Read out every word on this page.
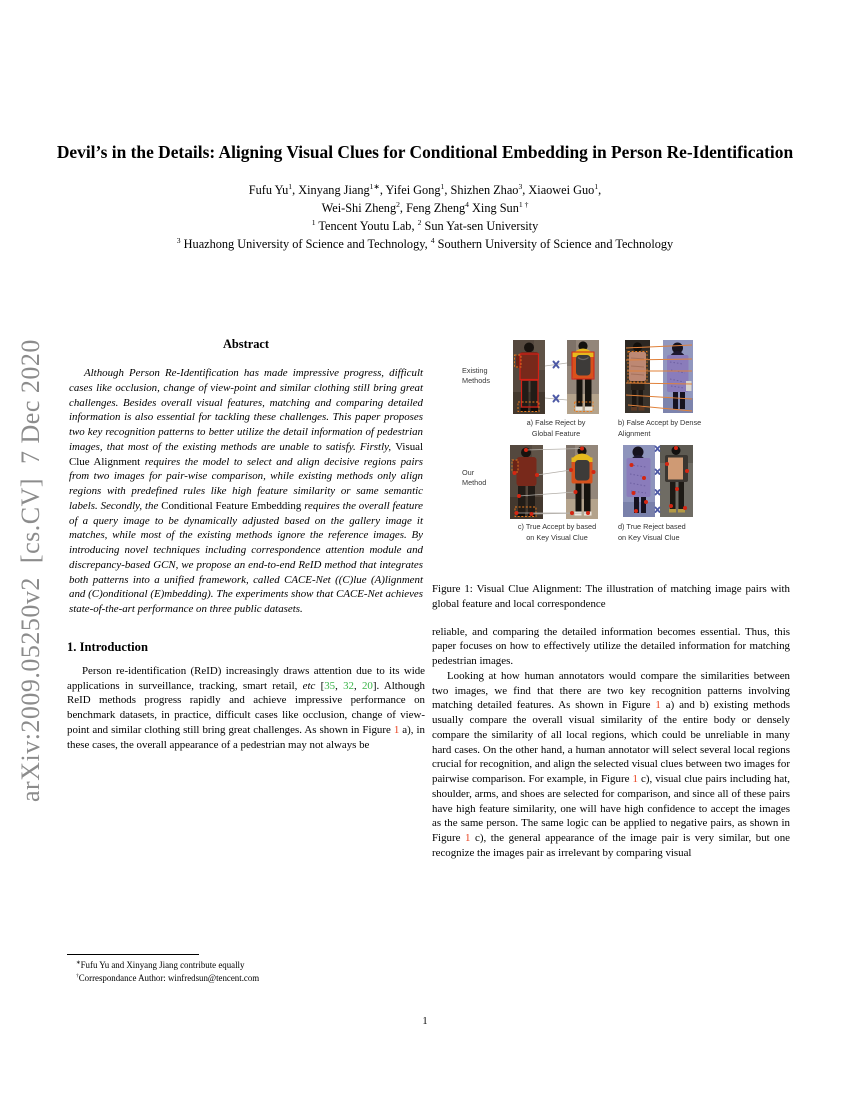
arXiv:2009.05250v2  [cs.CV]  7 Dec 2020
Devil’s in the Details: Aligning Visual Clues for Conditional Embedding in Person Re-Identification
Fufu Yu$^1$, Xinyang Jiang$^{1∗}$, Yifei Gong$^1$, Shizhen Zhao$^3$, Xiaowei Guo$^1$,
Wei-Shi Zheng$^2$, Feng Zheng$^4$ Xing Sun$^{1 \dagger}$
$^1$ Tencent Youtu Lab, $^2$ Sun Yat-sen University
$^3$ Huazhong University of Science and Technology, $^4$ Southern University of Science and Technology
Abstract

Although Person Re-Identification has made impressive progress, difficult cases like occlusion, change of view-point and similar clothing still bring great challenges. Besides overall visual features, matching and comparing detailed information is also essential for tackling these challenges. This paper proposes two key recognition patterns to better utilize the detail information of pedestrian images, that most of the existing methods are unable to satisfy. Firstly, Visual Clue Alignment requires the model to select and align decisive regions pairs from two images for pair-wise comparison, while existing methods only align regions with predefined rules like high feature similarity or same semantic labels. Secondly, the Conditional Feature Embedding requires the overall feature of a query image to be dynamically adjusted based on the gallery image it matches, while most of the existing methods ignore the reference images. By introducing novel techniques including correspondence attention module and discrepancy-based GCN, we propose an end-to-end ReID method that integrates both patterns into a unified framework, called CACE-Net ((C)lue (A)lignment and (C)onditional (E)mbedding). The experiments show that CACE-Net achieves state-of-the-art performance on three public datasets.

1. Introduction

Person re-identification (ReID) increasingly draws attention due to its wide applications in surveillance, tracking, smart retail, etc [35, 32, 20]. Although ReID methods progress rapidly and achieve impressive performance on benchmark datasets, in practice, difficult cases like occlusion, change of view-point and similar clothing still bring great challenges. As shown in Figure 1 a), in these cases, the overall appearance of a pedestrian may not always be

∗Fufu Yu and Xinyang Jiang contribute equally

†Correspondance Author: winfredsun@tencent.com

Existing
Methods
Our
Method
a) False Reject by
Global Feature
b) False Accept by Dense
Alignment
c) True Accept by based
on Key Visual Clue
d) True Reject based
on Key Visual Clue

Figure 1: Visual Clue Alignment: The illustration of matching image pairs with global feature and local correspondence

reliable, and comparing the detailed information becomes essential. Thus, this paper focuses on how to effectively utilize the detailed information for matching pedestrian images.

Looking at how human annotators would compare the similarities between two images, we find that there are two key recognition patterns involving matching detailed features. As shown in Figure 1 a) and b) existing methods usually compare the overall visual similarity of the entire body or densely compare the similarity of all local regions, which could be unreliable in many hard cases. On the other hand, a human annotator will select several local regions crucial for recognition, and align the selected visual clues between two images for pairwise comparison. For example, in Figure 1 c), visual clue pairs including hat, shoulder, arms, and shoes are selected for comparison, and since all of these pairs have high feature similarity, one will have high confidence to accept the images as the same person. The same logic can be applied to negative pairs, as shown in Figure 1 c), the general appearance of the image pair is very similar, but one recognize the images pair as irrelevant by comparing visual

1
